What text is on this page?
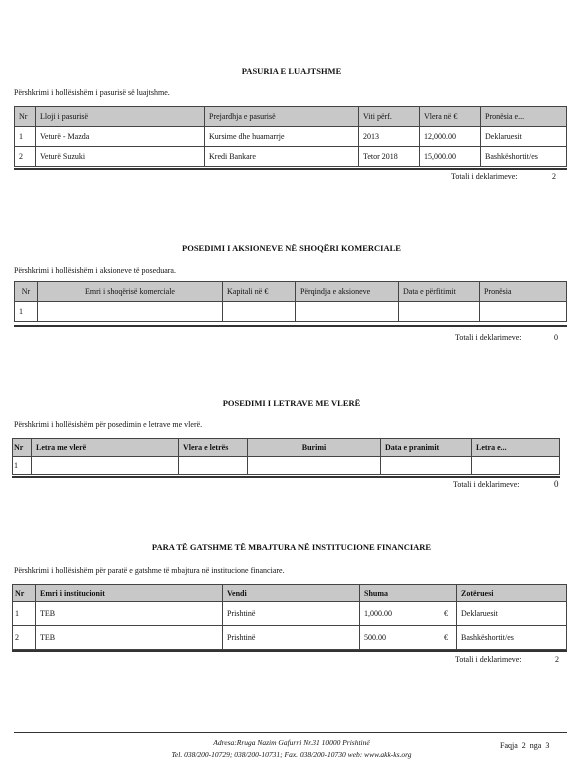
PASURIA E LUAJTSHME
Përshkrimi i hollësishëm i pasurisë së luajtshme.
Nr	Lloji i pasurisë	Prejardhja e pasurisë	Viti përf.	Vlera në €	Pronësia e...
1	Veturë - Mazda	Kursime dhe huamarrje	2013	12,000.00	Deklaruesit
2	Veturë Suzuki	Kredi Bankare	Tetor 2018	15,000.00	Bashkëshortit/es
Totali i deklarimeve:	2
POSEDIMI I AKSIONEVE NË SHOQËRI KOMERCIALE
Përshkrimi i hollësishëm i aksioneve të poseduara.
Nr	Emri i shoqërisë komerciale	Kapitali në €	Përqindja e aksioneve	Data e përfitimit	Pronësia
1					
Totali i deklarimeve:	0
POSEDIMI I LETRAVE ME VLERË
Përshkrimi i hollësishëm për posedimin e letrave me vlerë.
Nr	Letra me vlerë	Vlera e letrës	Burimi	Data e pranimit	Letra e...
1					
Totali i deklarimeve:	0
PARA TË GATSHME TË MBAJTURA NË INSTITUCIONE FINANCIARE
Përshkrimi i hollësishëm për paratë e gatshme të mbajtura në institucione financiare.
Nr	Emri i institucionit	Vendi	Shuma	Zotëruesi
1	TEB	Prishtinë	1,000.00 €	Deklaruesit
2	TEB	Prishtinë	500.00 €	Bashkëshortit/es
Totali i deklarimeve:	2
Adresa:Rruga Nazim Gafurri Nr.31 10000 Prishtinë
Tel. 038/200-10729; 038/200-10731; Fax. 038/200-10730 web: www.akk-ks.org
Faqja 2 nga 3
